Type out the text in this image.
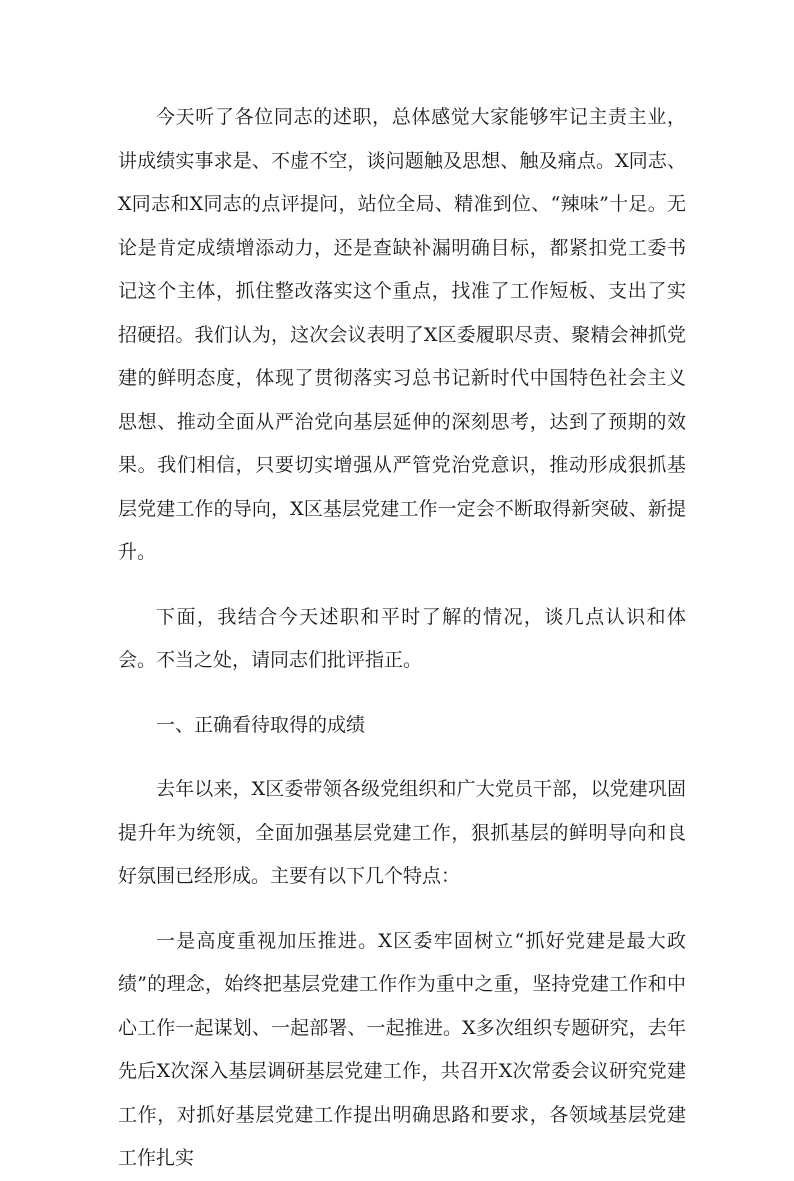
今天听了各位同志的述职，总体感觉大家能够牢记主责主业，讲成绩实事求是、不虚不空，谈问题触及思想、触及痛点。X同志、X同志和X同志的点评提问，站位全局、精准到位、“辣味”十足。无论是肯定成绩增添动力，还是查缺补漏明确目标，都紧扣党工委书记这个主体，抓住整改落实这个重点，找准了工作短板、支出了实招硬招。我们认为，这次会议表明了X区委履职尽责、聚精会神抓党建的鲜明态度，体现了贯彻落实习总书记新时代中国特色社会主义思想、推动全面从严治党向基层延伸的深刻思考，达到了预期的效果。我们相信，只要切实增强从严管党治党意识，推动形成狠抓基层党建工作的导向，X区基层党建工作一定会不断取得新突破、新提升。

下面，我结合今天述职和平时了解的情况，谈几点认识和体会。不当之处，请同志们批评指正。

一、正确看待取得的成绩

去年以来，X区委带领各级党组织和广大党员干部，以党建巩固提升年为统领，全面加强基层党建工作，狠抓基层的鲜明导向和良好氛围已经形成。主要有以下几个特点：

一是高度重视加压推进。X区委牢固树立“抓好党建是最大政绩”的理念，始终把基层党建工作作为重中之重，坚持党建工作和中心工作一起谋划、一起部署、一起推进。X多次组织专题研究，去年先后X次深入基层调研基层党建工作，共召开X次常委会议研究党建工作，对抓好基层党建工作提出明确思路和要求，各领域基层党建工作扎实
